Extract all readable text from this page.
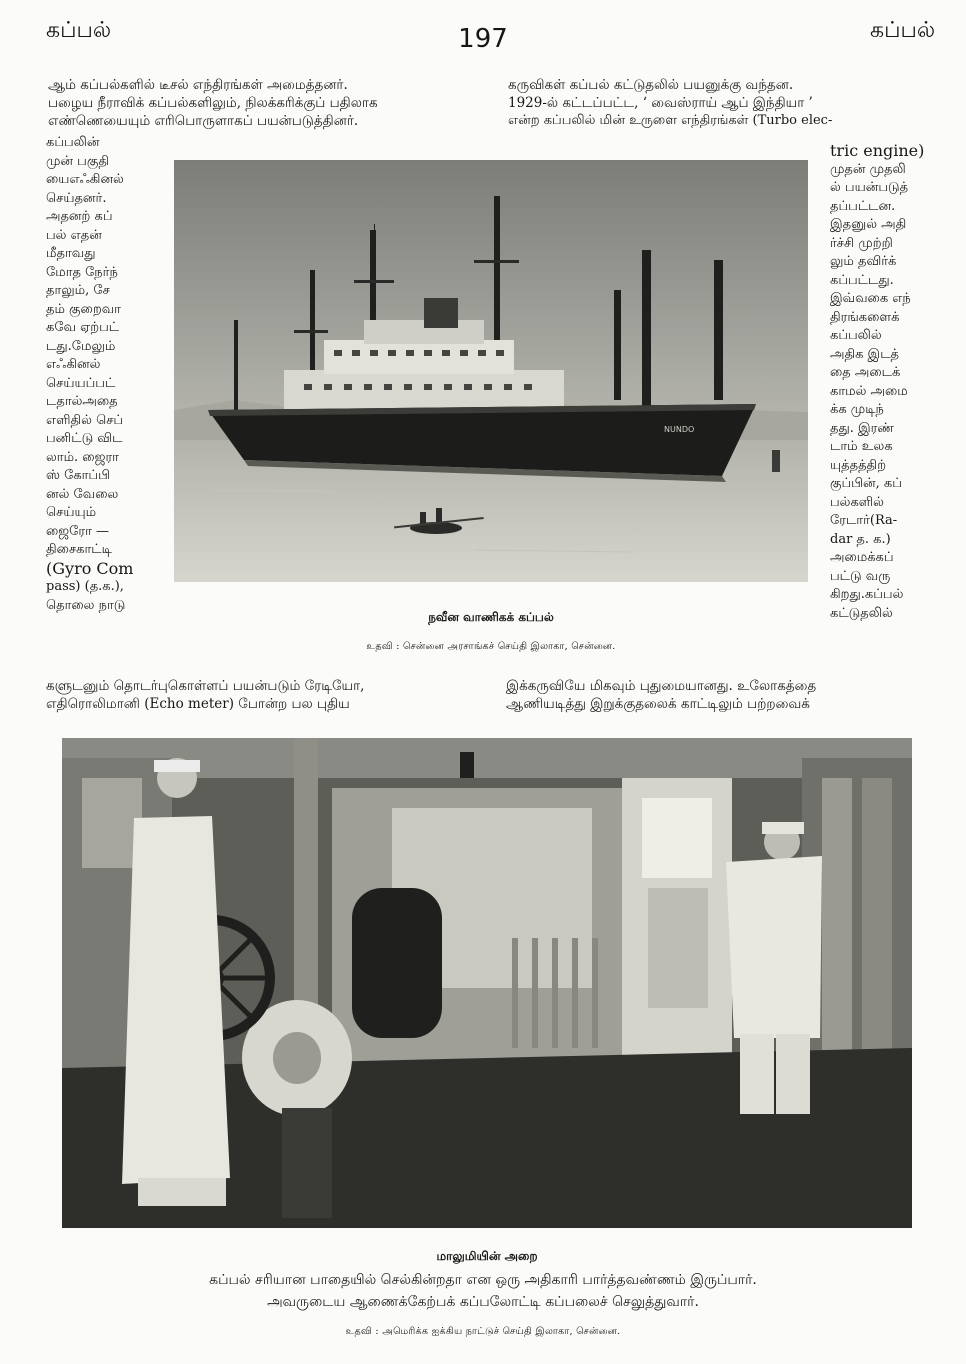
கப்பல்	197	கப்பல்
ஆம் கப்பல்களில் டீசல் எந்திரங்கள் அமைத்தனர்.
பழைய நீராவிக் கப்பல்களிலும், நிலக்கரிக்குப் பதிலாக
எண்ணெயையும் எரிபொருளாகப் பயன்படுத்தினர்.
கருவிகள் கப்பல் கட்டுதலில் பயனுக்கு வந்தன.
1929-ல் கட்டப்பட்ட, ‘ வைஸ்ராய் ஆப் இந்தியா ’
என்ற கப்பலில் மின் உருளை எந்திரங்கள் (Turbo elec-
கப்பலின்
முன் பகுதி
யைஎஃகினல்
செய்தனர்.
அதனற் கப்
பல் எதன்
மீதாவது
மோத நேர்ந்
தாலும், சே
தம் குறைவா
கவே ஏற்பட்
டது.மேலும்
எஃகினல்
செய்யப்பட்
டதால்அதை
எளிதில் செப்
பனிட்டு விட
லாம். ஜைரா
ஸ் கோப்பி
னல் வேலை
செய்யும்
ஜைரோ —
திசைகாட்டி
(Gyro Com
pass) (த.க.),
தொலை நாடு
tric engine)
முதன் முதலி
ல் பயன்படுத்
தப்பட்டன.
இதனுல் அதி
ர்ச்சி முற்றி
லும் தவிர்க்
கப்பட்டது.
இவ்வகை எந்
திரங்களைக்
கப்பலில்
அதிக இடத்
தை அடைக்
காமல் அமை
க்க முடிந்
தது. இரண்
டாம் உலக
யுத்தத்திற்
குப்பின், கப்
பல்களில்
ரேடார்(Ra-
dar த. க.)
அமைக்கப்
பட்டு வரு
கிறது.கப்பல்
கட்டுதலில்
NUNDO
நவீன வாணிகக் கப்பல்
உதவி : சென்னை அரசாங்கச் செய்தி இலாகா, சென்னை.
களுடனும் தொடர்புகொள்ளப் பயன்படும் ரேடியோ,
எதிரொலிமானி (Echo meter) போன்ற பல புதிய
இக்கருவியே மிகவும் புதுமையானது. உலோகத்தை
ஆணியடித்து இறுக்குதலைக் காட்டிலும் பற்றவைக்
மாலுமியின் அறை
கப்பல் சரியான பாதையில் செல்கின்றதா என ஒரு அதிகாரி பார்த்தவண்ணம் இருப்பார்.
அவருடைய ஆணைக்கேற்பக் கப்பலோட்டி கப்பலைச் செலுத்துவார்.
உதவி : அமெரிக்க ஐக்கிய நாட்டுச் செய்தி இலாகா, சென்னை.
